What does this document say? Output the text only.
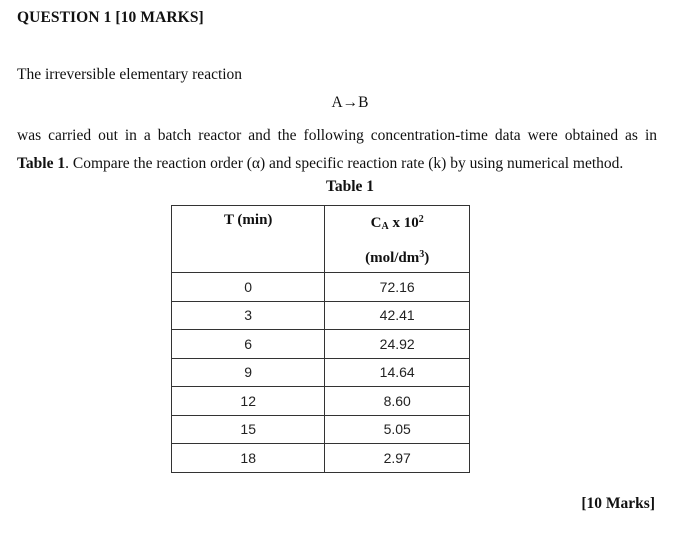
QUESTION 1 [10 MARKS]
The irreversible elementary reaction
A→B
was carried out in a batch reactor and the following concentration-time data were obtained as in
Table 1. Compare the reaction order (α) and specific reaction rate (k) by using numerical method.
Table 1
T (min)	$C_A$ x $10^2$
$(mol/dm^3)$
0	72.16
3	42.41
6	24.92
9	14.64
12	8.60
15	5.05
18	2.97
[10 Marks]
